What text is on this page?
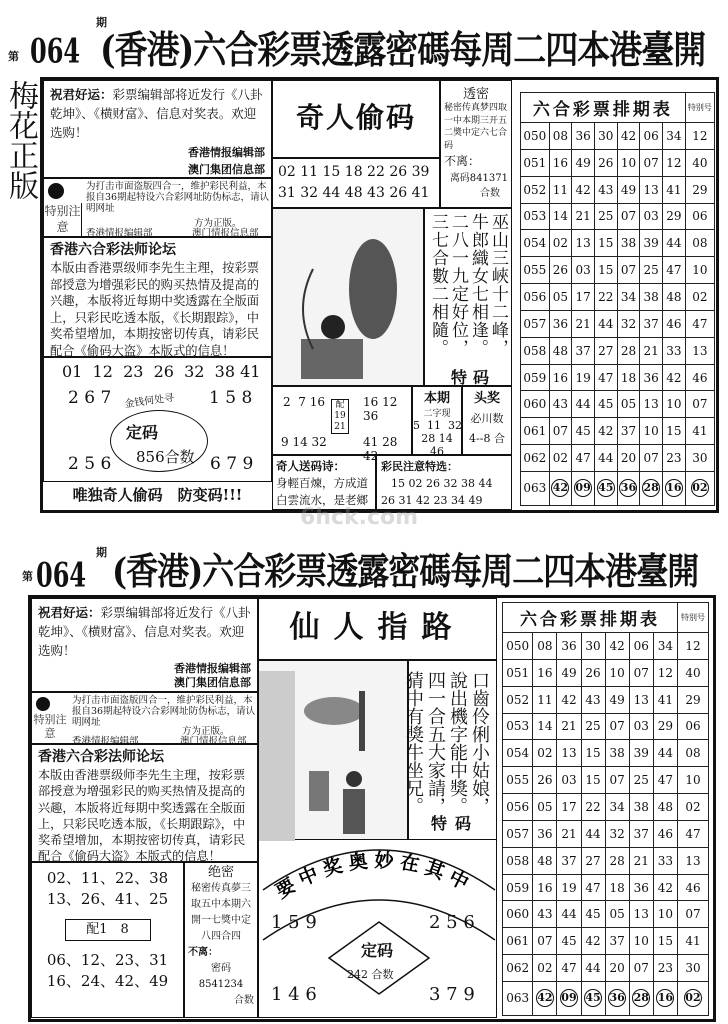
第 064
期
(香港)六合彩票透露密碼每周二四本港臺開
梅花正版 祝君好运：彩票编辑部将近发行《八卦乾坤》、《横财富》、信息对奖表。欢迎选购！
香港情报编辑部
澳门集团信息部
特别注意
为打击市面盗版四合一，维护彩民利益，本报自36期起特设六合彩网址防伪标志，请认明网址
方为正版。
香港情报编辑部	澳门情报信息部
香港六合彩法师论坛
本版由香港票级师李先生主理，按彩票部授意为增强彩民的购买热情及提高的兴趣，本版将近每期中奖透露在全版面上，只彩民吃透本版，《长期跟踪》，中奖希望增加，本期按密切传真，请彩民配合《偷码大盗》本版式的信息！
01  12  23  26  32  38 41
2 6 7	1 5 8
金钱何处寻
定码
856合数
2 5 6	6 7 9
唯独奇人偷码　防变码!!!
奇人偷码
02 11 15 18 22 26 39
31 32 44 48 43 26 41
透密
秘密传真梦四取一中本期三开五二奬中定六七合码
不离：
离码841371
合数
巫山三峽十二峰，牛郎織女七相逢。二八一九定好位，三七合數二相隨。
特码
2  7 16
9 14 32
配
19
21
16 12 36
41 28 42
本期
二字现
5  11  32
28 14 46
头奖
必川数
4--8 合
奇人送码诗：
身輕百煉，方成道
白雲流水，是老鄉
彩民注意特选：
15 02 26 32 38 44
26 31 42 23 34 49
六合彩票排期表							特别号
050	08	36	30	42	06	34	12
051	16	49	26	10	07	12	40
052	11	42	43	49	13	41	29
053	14	21	25	07	03	29	06
054	02	13	15	38	39	44	08
055	26	03	15	07	25	47	10
056	05	17	22	34	38	48	02
057	36	21	44	32	37	46	47
058	48	37	27	28	21	33	13
059	16	19	47	18	36	42	46
060	43	44	45	05	13	10	07
061	07	45	42	37	10	15	41
062	02	47	44	20	07	23	30
063	42	09	45	36	28	16	02
第 064
期 (香港)六合彩票透露密碼每周二四本港臺開
祝君好运：彩票编辑部将近发行《八卦乾坤》、《横财富》、信息对奖表。欢迎选购！
香港情报编辑部
澳门集团信息部
特别注意
为打击市面盗版四合一，维护彩民利益，本报自36期起特设六合彩网址防伪标志，请认明网址
方为正版。
香港情报编辑部	澳门情报信息部
香港六合彩法师论坛
本版由香港票级师李先生主理，按彩票部授意为增强彩民的购买热情及提高的兴趣，本版将近每期中奖透露在全版面上，只彩民吃透本版，《长期跟踪》，中奖希望增加，本期按密切传真，请彩民配合《偷码大盗》本版式的信息！
02、11、22、38
13、26、41、25
配1　8
06、12、23、31
16、24、42、49
绝密
秘密传真夢三
取五中本期六
開一七獎中定
八四合四
不离：
密码 8541234
合数
仙人指路
口齒伶俐小姑娘，說出機字能中獎。四一合五大家請，猜中有獎牛坐兄。
特码
要中奖奥妙在其中
1 5 9	2 5 6
定码
242 合数
1 4 6	3 7 9
六合彩票排期表							特别号
050	08	36	30	42	06	34	12
051	16	49	26	10	07	12	40
052	11	42	43	49	13	41	29
053	14	21	25	07	03	29	06
054	02	13	15	38	39	44	08
055	26	03	15	07	25	47	10
056	05	17	22	34	38	48	02
057	36	21	44	32	37	46	47
058	48	37	27	28	21	33	13
059	16	19	47	18	36	42	46
060	43	44	45	05	13	10	07
061	07	45	42	37	10	15	41
062	02	47	44	20	07	23	30
063	42	09	45	36	28	16	02
6hck.com
